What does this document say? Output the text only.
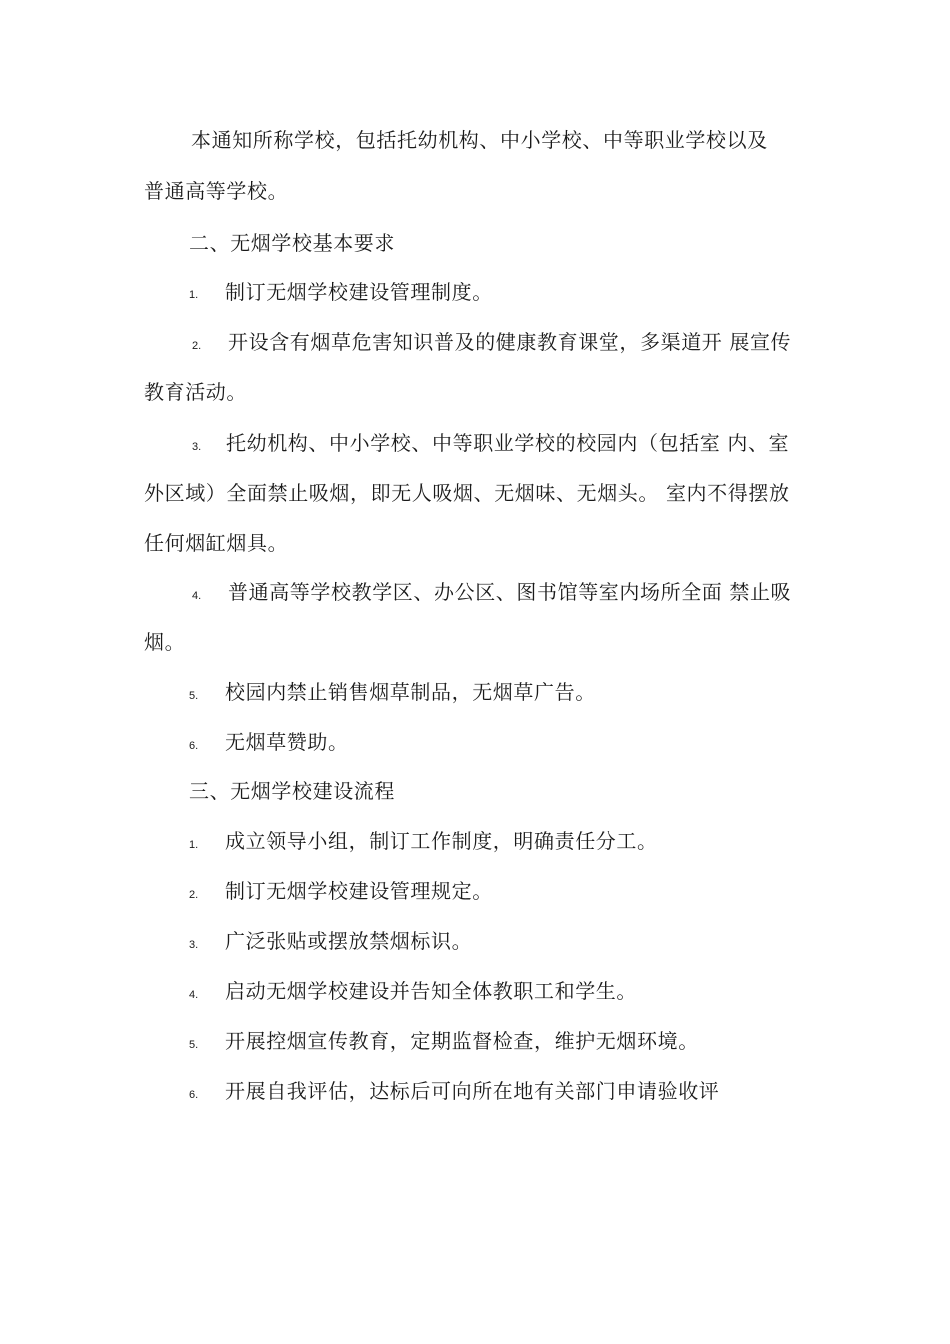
本通知所称学校，包括托幼机构、中小学校、中等职业学校以及
普通高等学校。
二、无烟学校基本要求
1. 制订无烟学校建设管理制度。
2. 开设含有烟草危害知识普及的健康教育课堂，多渠道开 展宣传
教育活动。
3. 托幼机构、中小学校、中等职业学校的校园内（包括室 内、室
外区域）全面禁止吸烟，即无人吸烟、无烟味、无烟头。 室内不得摆放
任何烟缸烟具。
4. 普通高等学校教学区、办公区、图书馆等室内场所全面 禁止吸
烟。
5. 校园内禁止销售烟草制品，无烟草广告。
6. 无烟草赞助。
三、无烟学校建设流程
1. 成立领导小组，制订工作制度，明确责任分工。
2. 制订无烟学校建设管理规定。
3. 广泛张贴或摆放禁烟标识。
4. 启动无烟学校建设并告知全体教职工和学生。
5. 开展控烟宣传教育，定期监督检查，维护无烟环境。
6. 开展自我评估，达标后可向所在地有关部门申请验收评
